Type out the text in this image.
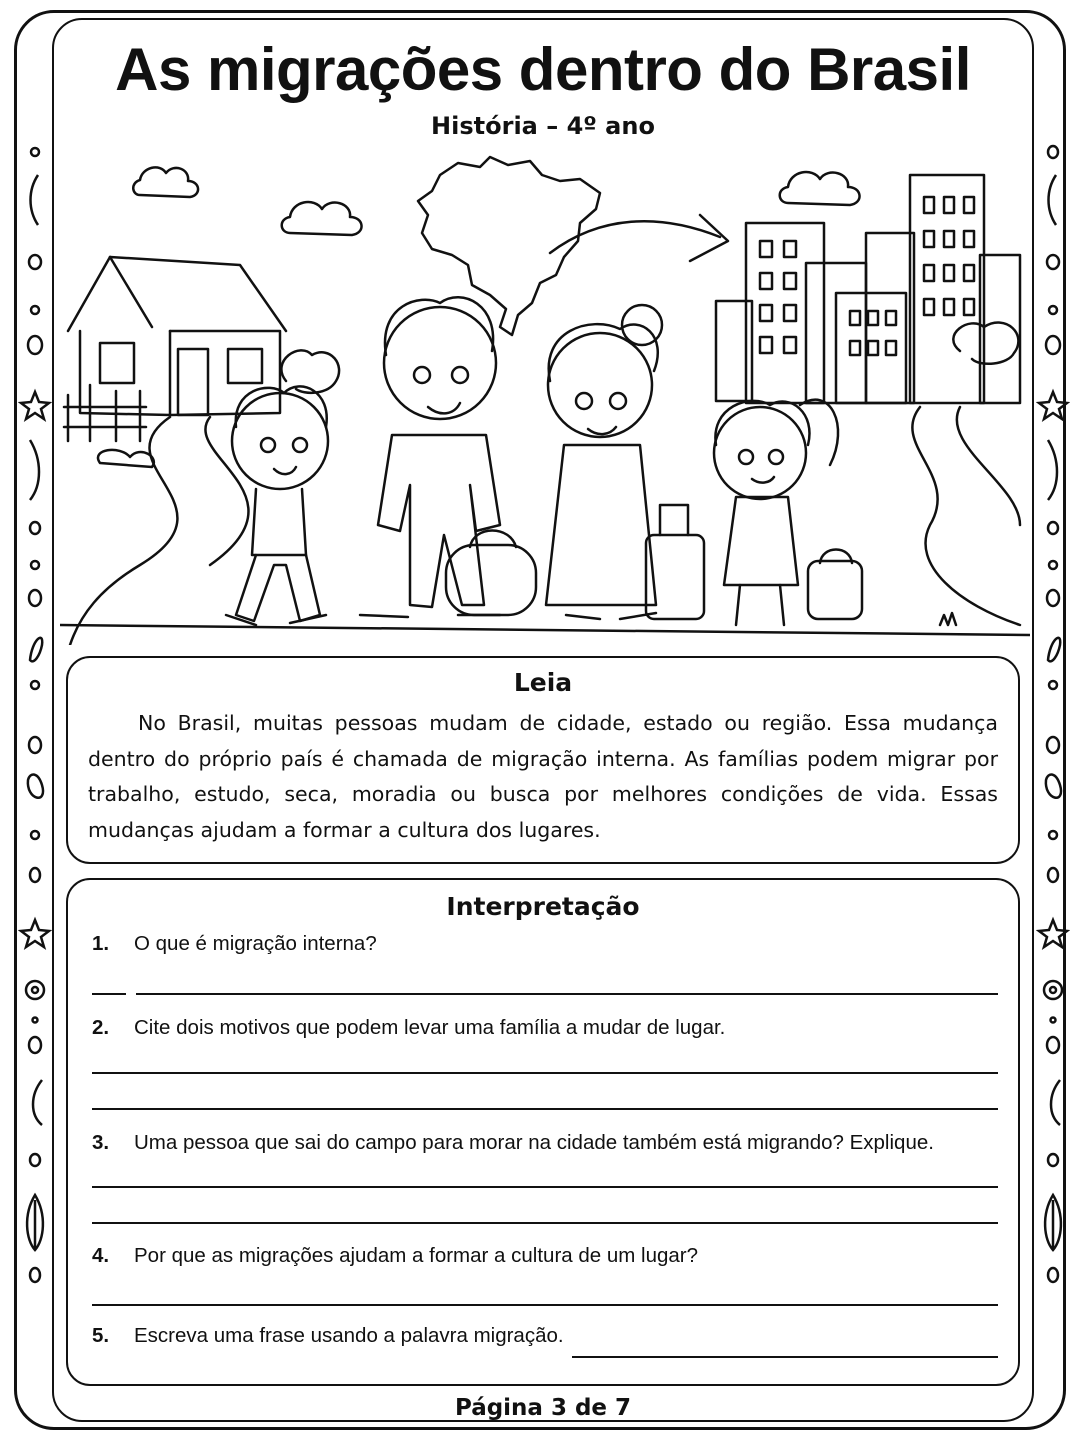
As migrações dentro do Brasil
História – 4º ano
Leia
No Brasil, muitas pessoas mudam de cidade, estado ou região. Essa mudança dentro do próprio país é chamada de migração interna. As famílias podem migrar por trabalho, estudo, seca, moradia ou busca por melhores condições de vida. Essas mudanças ajudam a formar a cultura dos lugares.
Interpretação
1. O que é migração interna?
2. Cite dois motivos que podem levar uma família a mudar de lugar.
3. Uma pessoa que sai do campo para morar na cidade também está migrando? Explique.
4. Por que as migrações ajudam a formar a cultura de um lugar?
5. Escreva uma frase usando a palavra migração.
Página 3 de 7
